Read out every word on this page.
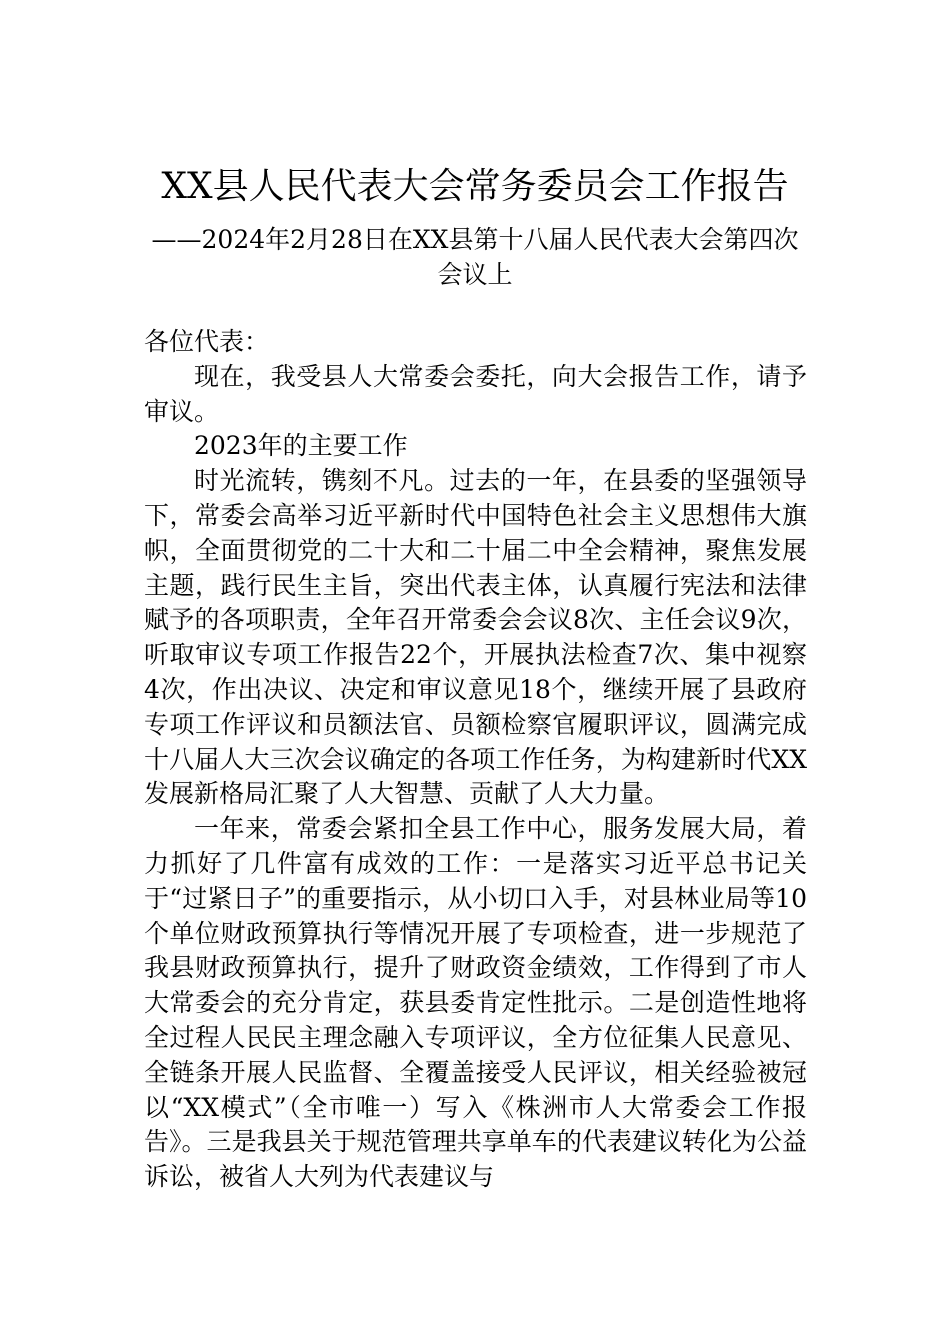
XX县人民代表大会常务委员会工作报告
——2024年2月28日在XX县第十八届人民代表大会第四次会议上

各位代表：

现在，我受县人大常委会委托，向大会报告工作，请予审议。

2023年的主要工作

时光流转，镌刻不凡。过去的一年，在县委的坚强领导下，常委会高举习近平新时代中国特色社会主义思想伟大旗帜，全面贯彻党的二十大和二十届二中全会精神，聚焦发展主题，践行民生主旨，突出代表主体，认真履行宪法和法律赋予的各项职责，全年召开常委会会议8次、主任会议9次，听取审议专项工作报告22个，开展执法检查7次、集中视察4次，作出决议、决定和审议意见18个，继续开展了县政府专项工作评议和员额法官、员额检察官履职评议，圆满完成十八届人大三次会议确定的各项工作任务，为构建新时代XX发展新格局汇聚了人大智慧、贡献了人大力量。

一年来，常委会紧扣全县工作中心，服务发展大局，着力抓好了几件富有成效的工作：一是落实习近平总书记关于“过紧日子”的重要指示，从小切口入手，对县林业局等10个单位财政预算执行等情况开展了专项检查，进一步规范了我县财政预算执行，提升了财政资金绩效，工作得到了市人大常委会的充分肯定，获县委肯定性批示。二是创造性地将全过程人民民主理念融入专项评议，全方位征集人民意见、全链条开展人民监督、全覆盖接受人民评议，相关经验被冠以“XX模式”（全市唯一）写入《株洲市人大常委会工作报告》。三是我县关于规范管理共享单车的代表建议转化为公益诉讼，被省人大列为代表建议与
